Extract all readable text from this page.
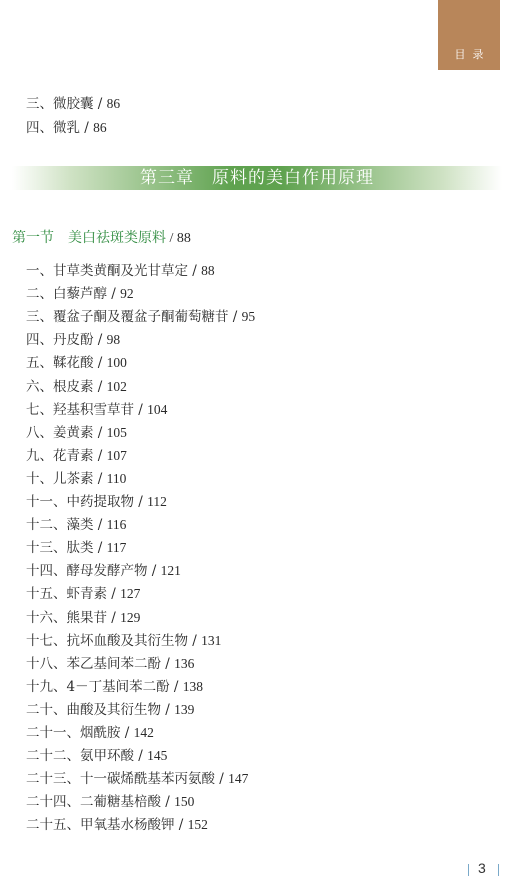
目录
三、微胶囊 / 86
四、微乳 / 86
第三章　原料的美白作用原理
第一节　美白祛斑类原料 / 88
一、甘草类黄酮及光甘草定 / 88
二、白藜芦醇 / 92
三、覆盆子酮及覆盆子酮葡萄糖苷 / 95
四、丹皮酚 / 98
五、鞣花酸 / 100
六、根皮素 / 102
七、羟基积雪草苷 / 104
八、姜黄素 / 105
九、花青素 / 107
十、儿茶素 / 110
十一、中药提取物 / 112
十二、藻类 / 116
十三、肽类 / 117
十四、酵母发酵产物 / 121
十五、虾青素 / 127
十六、熊果苷 / 129
十七、抗坏血酸及其衍生物 / 131
十八、苯乙基间苯二酚 / 136
十九、4－丁基间苯二酚 / 138
二十、曲酸及其衍生物 / 139
二十一、烟酰胺 / 142
二十二、氨甲环酸 / 145
二十三、十一碳烯酰基苯丙氨酸 / 147
二十四、二葡糖基棓酸 / 150
二十五、甲氧基水杨酸钾 / 152
3
